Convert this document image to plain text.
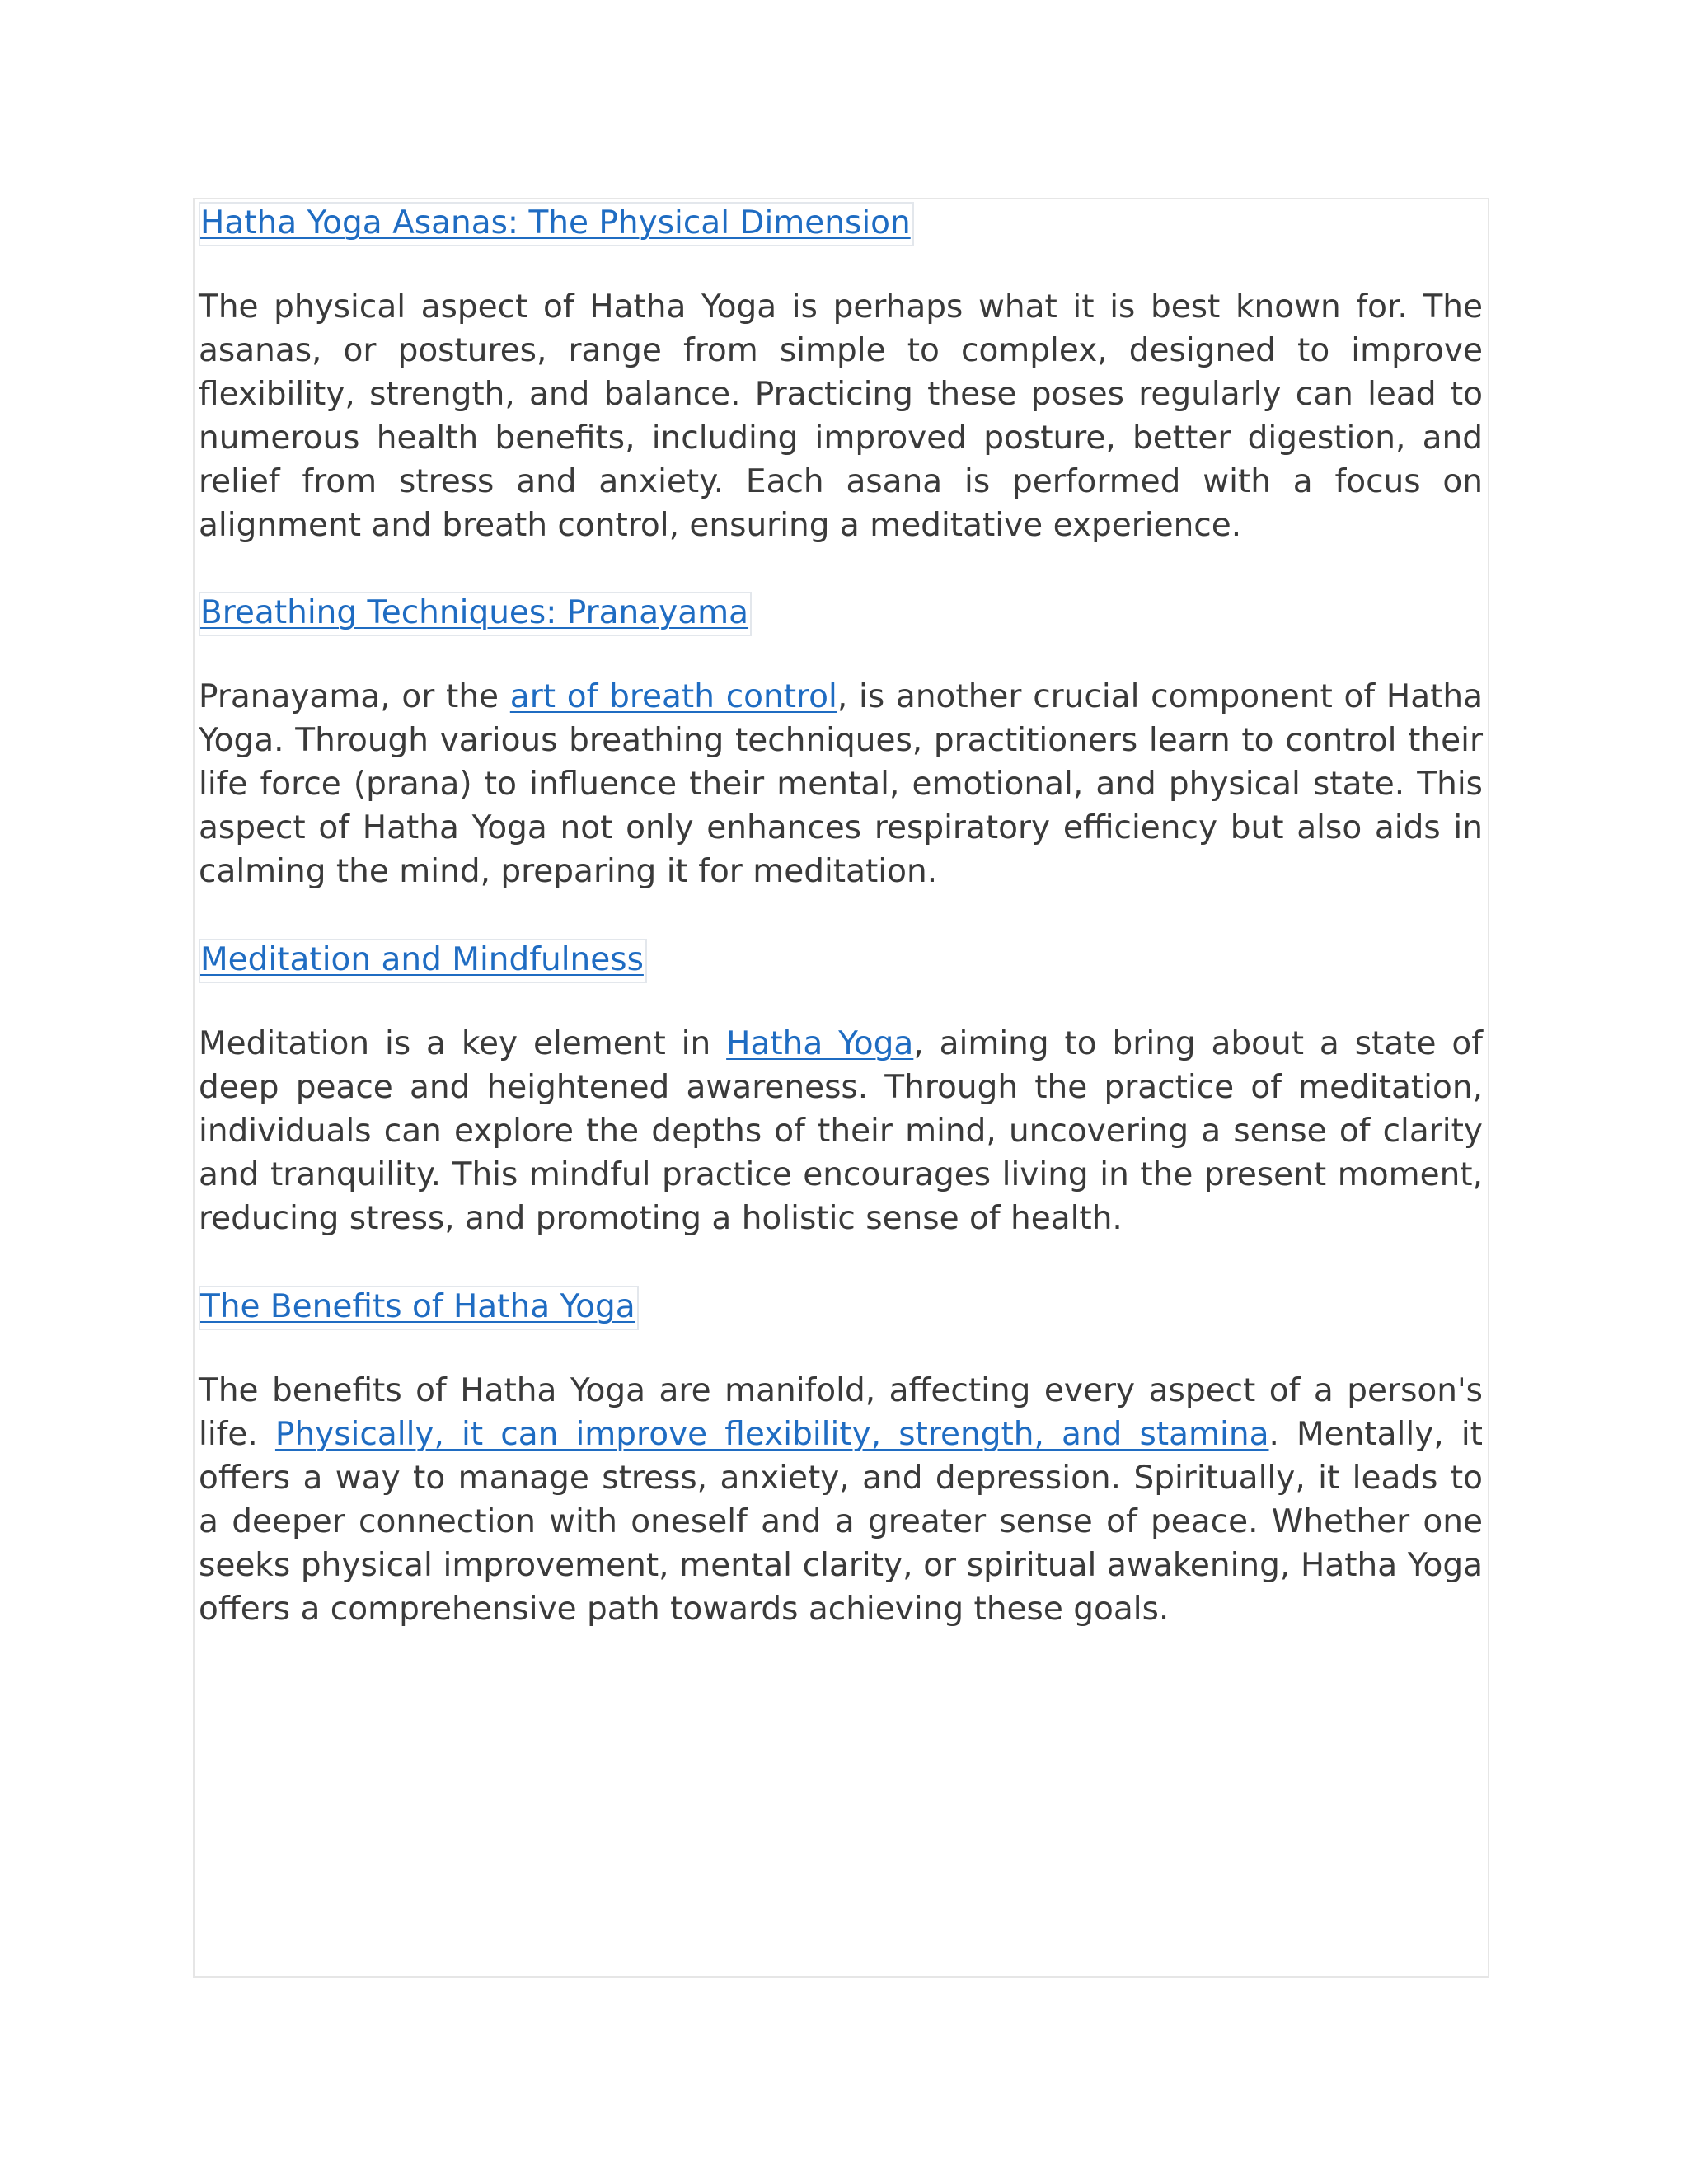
Hatha Yoga Asanas: The Physical Dimension

The physical aspect of Hatha Yoga is perhaps what it is best known for. The asanas, or postures, range from simple to complex, designed to improve flexibility, strength, and balance. Practicing these poses regularly can lead to numerous health benefits, including improved posture, better digestion, and relief from stress and anxiety. Each asana is performed with a focus on alignment and breath control, ensuring a meditative experience.

Breathing Techniques: Pranayama

Pranayama, or the art of breath control, is another crucial component of Hatha Yoga. Through various breathing techniques, practitioners learn to control their life force (prana) to influence their mental, emotional, and physical state. This aspect of Hatha Yoga not only enhances respiratory efficiency but also aids in calming the mind, preparing it for meditation.

Meditation and Mindfulness

Meditation is a key element in Hatha Yoga, aiming to bring about a state of deep peace and heightened awareness. Through the practice of meditation, individuals can explore the depths of their mind, uncovering a sense of clarity and tranquility. This mindful practice encourages living in the present moment, reducing stress, and promoting a holistic sense of health.

The Benefits of Hatha Yoga

The benefits of Hatha Yoga are manifold, affecting every aspect of a person's life. Physically, it can improve flexibility, strength, and stamina. Mentally, it offers a way to manage stress, anxiety, and depression. Spiritually, it leads to a deeper connection with oneself and a greater sense of peace. Whether one seeks physical improvement, mental clarity, or spiritual awakening, Hatha Yoga offers a comprehensive path towards achieving these goals.
